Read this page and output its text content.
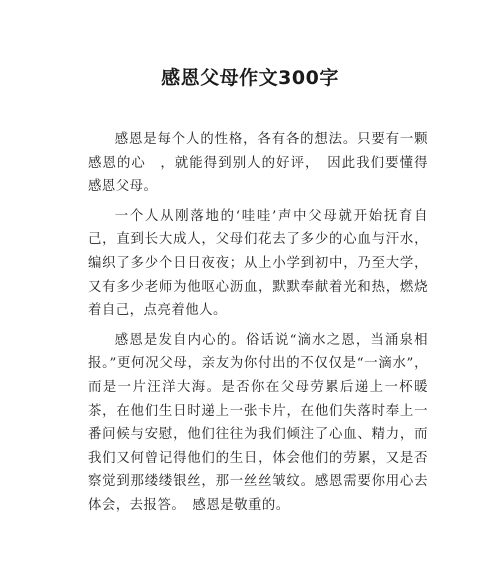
感恩父母作文300字

感恩是每个人的性格，各有各的想法。只要有一颗感恩的心　，就能得到别人的好评，　因此我们要懂得感恩父母。

一个人从刚落地的‘哇哇’声中父母就开始抚育自己，直到长大成人，父母们花去了多少的心血与汗水，编织了多少个日日夜夜；从上小学到初中，乃至大学，又有多少老师为他呕心沥血，默默奉献着光和热，燃烧着自己，点亮着他人。

感恩是发自内心的。俗话说“滴水之恩，当涌泉相报。”更何况父母，亲友为你付出的不仅仅是“一滴水”，而是一片汪洋大海。是否你在父母劳累后递上一杯暖茶，在他们生日时递上一张卡片，在他们失落时奉上一番问候与安慰，他们往往为我们倾注了心血、精力，而我们又何曾记得他们的生日，体会他们的劳累，又是否察觉到那缕缕银丝，那一丝丝皱纹。感恩需要你用心去体会，去报答。　感恩是敬重的。
